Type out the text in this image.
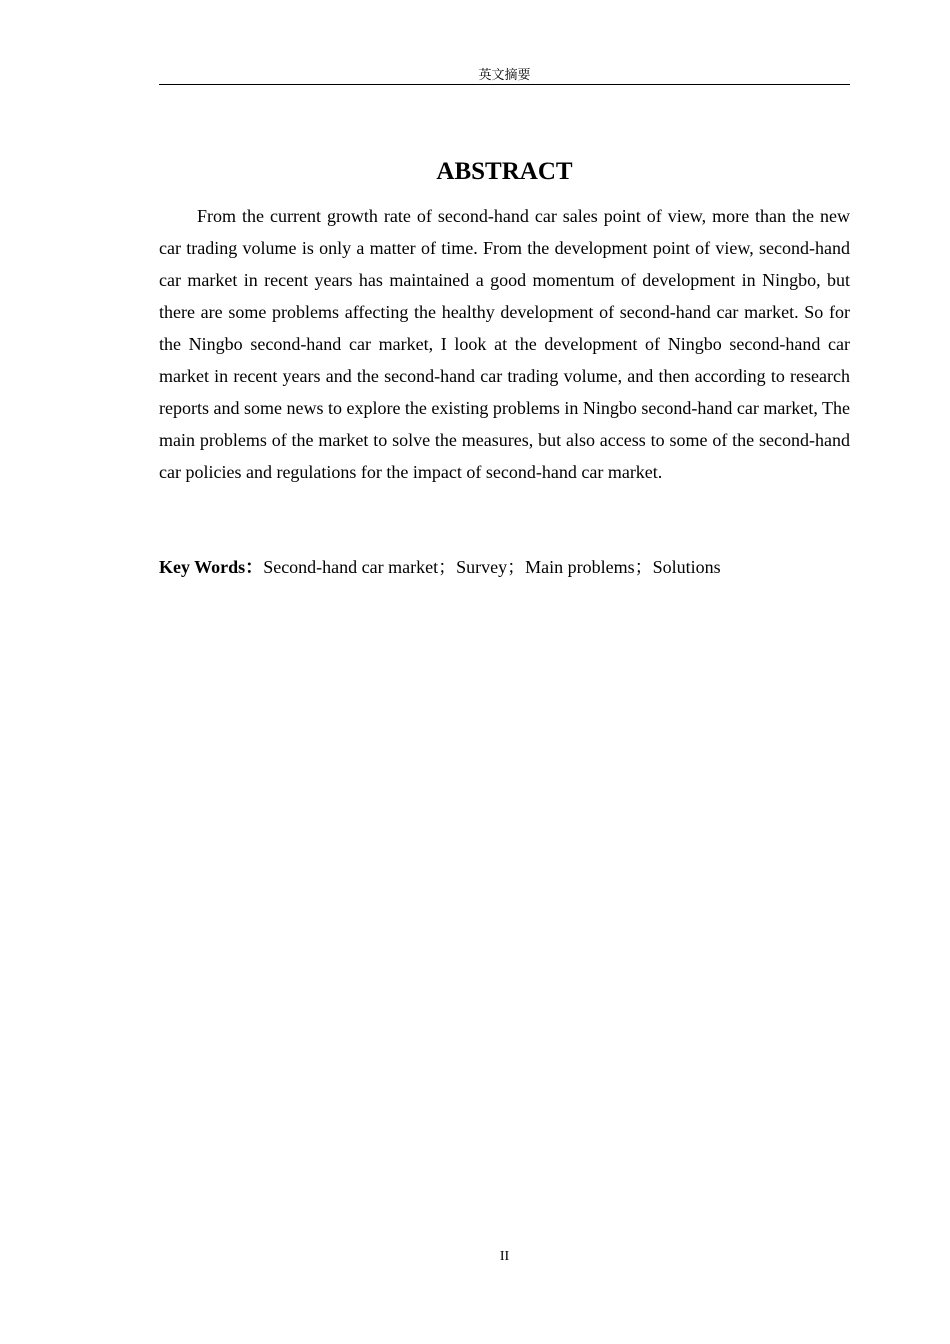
英文摘要
ABSTRACT

From the current growth rate of second-hand car sales point of view, more than the new car trading volume is only a matter of time. From the development point of view, second-hand car market in recent years has maintained a good momentum of development in Ningbo, but there are some problems affecting the healthy development of second-hand car market. So for the Ningbo second-hand car market, I look at the development of Ningbo second-hand car market in recent years and the second-hand car trading volume, and then according to research reports and some news to explore the existing problems in Ningbo second-hand car market, The main problems of the market to solve the measures, but also access to some of the second-hand car policies and regulations for the impact of second-hand car market.

Key Words：Second-hand car market；Survey；Main problems；Solutions

II
